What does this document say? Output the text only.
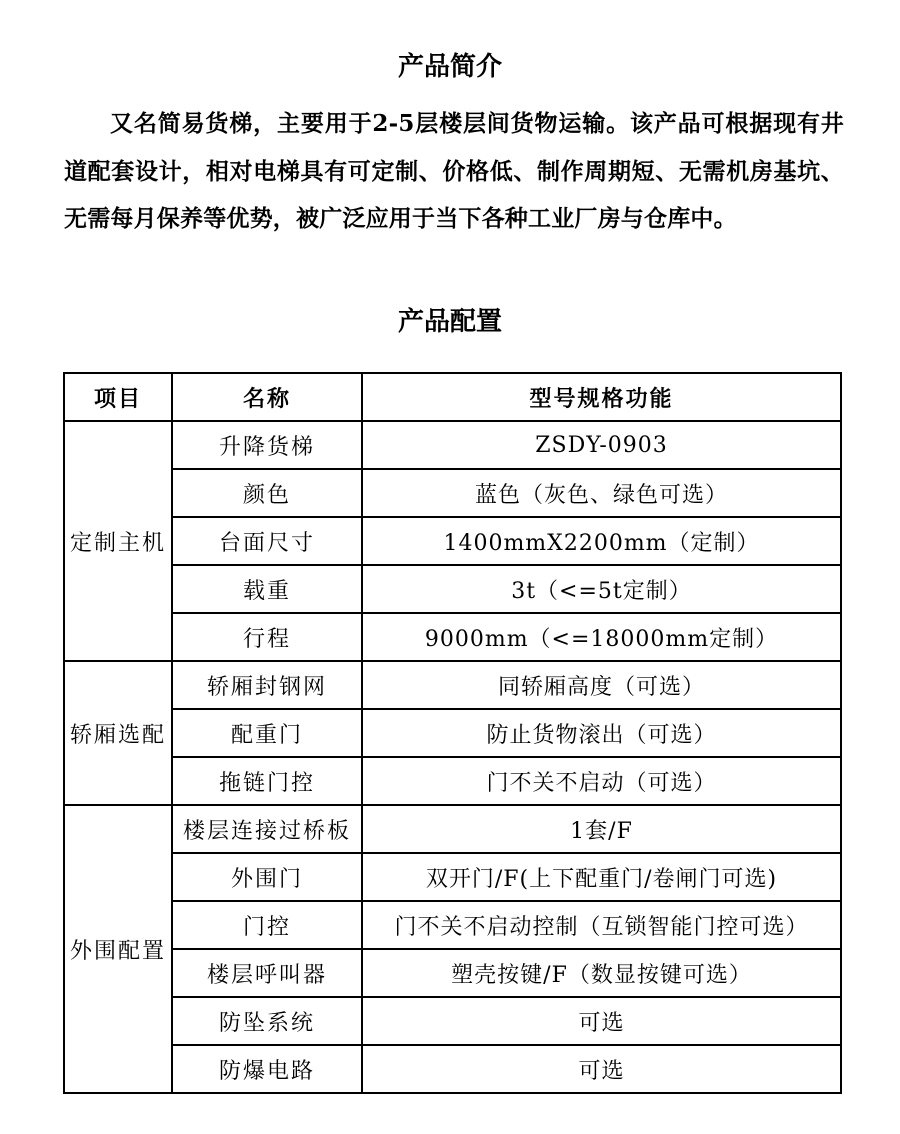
产品简介

又名简易货梯，主要用于2-5层楼层间货物运输。该产品可根据现有井道配套设计，相对电梯具有可定制、价格低、制作周期短、无需机房基坑、无需每月保养等优势，被广泛应用于当下各种工业厂房与仓库中。

产品配置
项目	名称	型号规格功能
定制主机	升降货梯	ZSDY-0903
	颜色	蓝色（灰色、绿色可选）
	台面尺寸	1400mmX2200mm（定制）
	载重	3t（<=5t定制）
	行程	9000mm（<=18000mm定制）
轿厢选配	轿厢封钢网	同轿厢高度（可选）
	配重门	防止货物滚出（可选）
	拖链门控	门不关不启动（可选）
外围配置	楼层连接过桥板	1套/F
	外围门	双开门/F(上下配重门/卷闸门可选)
	门控	门不关不启动控制（互锁智能门控可选）
	楼层呼叫器	塑壳按键/F（数显按键可选）
	防坠系统	可选
	防爆电路	可选
